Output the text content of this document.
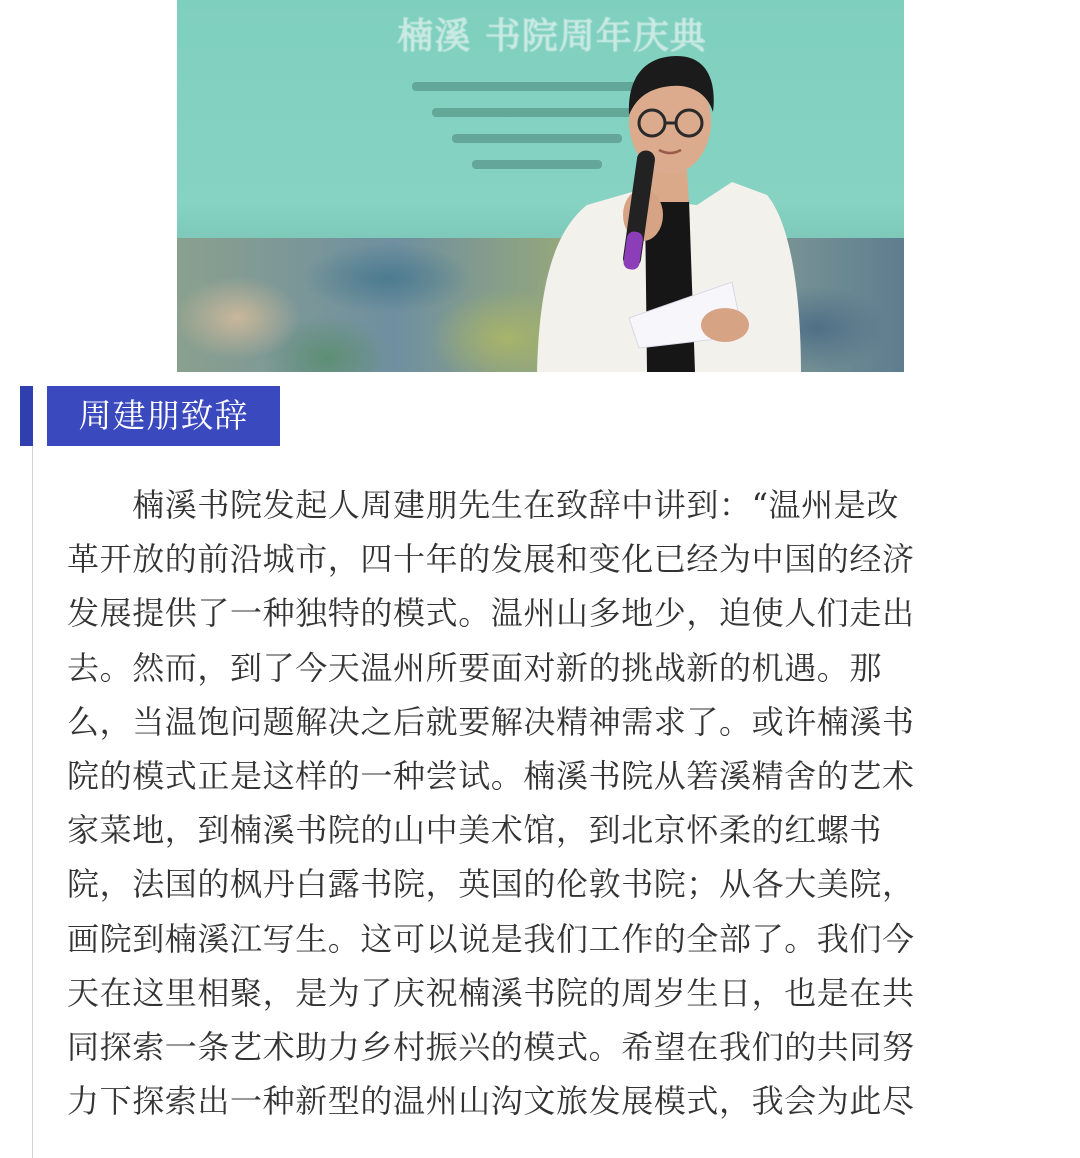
楠溪 书院周年庆典
周建朋致辞
　　楠溪书院发起人周建朋先生在致辞中讲到：“温州是改
革开放的前沿城市，四十年的发展和变化已经为中国的经济
发展提供了一种独特的模式。温州山多地少，迫使人们走出
去。然而，到了今天温州所要面对新的挑战新的机遇。那
么，当温饱问题解决之后就要解决精神需求了。或许楠溪书
院的模式正是这样的一种尝试。楠溪书院从箬溪精舍的艺术
家菜地，到楠溪书院的山中美术馆，到北京怀柔的红螺书
院，法国的枫丹白露书院，英国的伦敦书院；从各大美院，
画院到楠溪江写生。这可以说是我们工作的全部了。我们今
天在这里相聚，是为了庆祝楠溪书院的周岁生日，也是在共
同探索一条艺术助力乡村振兴的模式。希望在我们的共同努
力下探索出一种新型的温州山沟文旅发展模式，我会为此尽
